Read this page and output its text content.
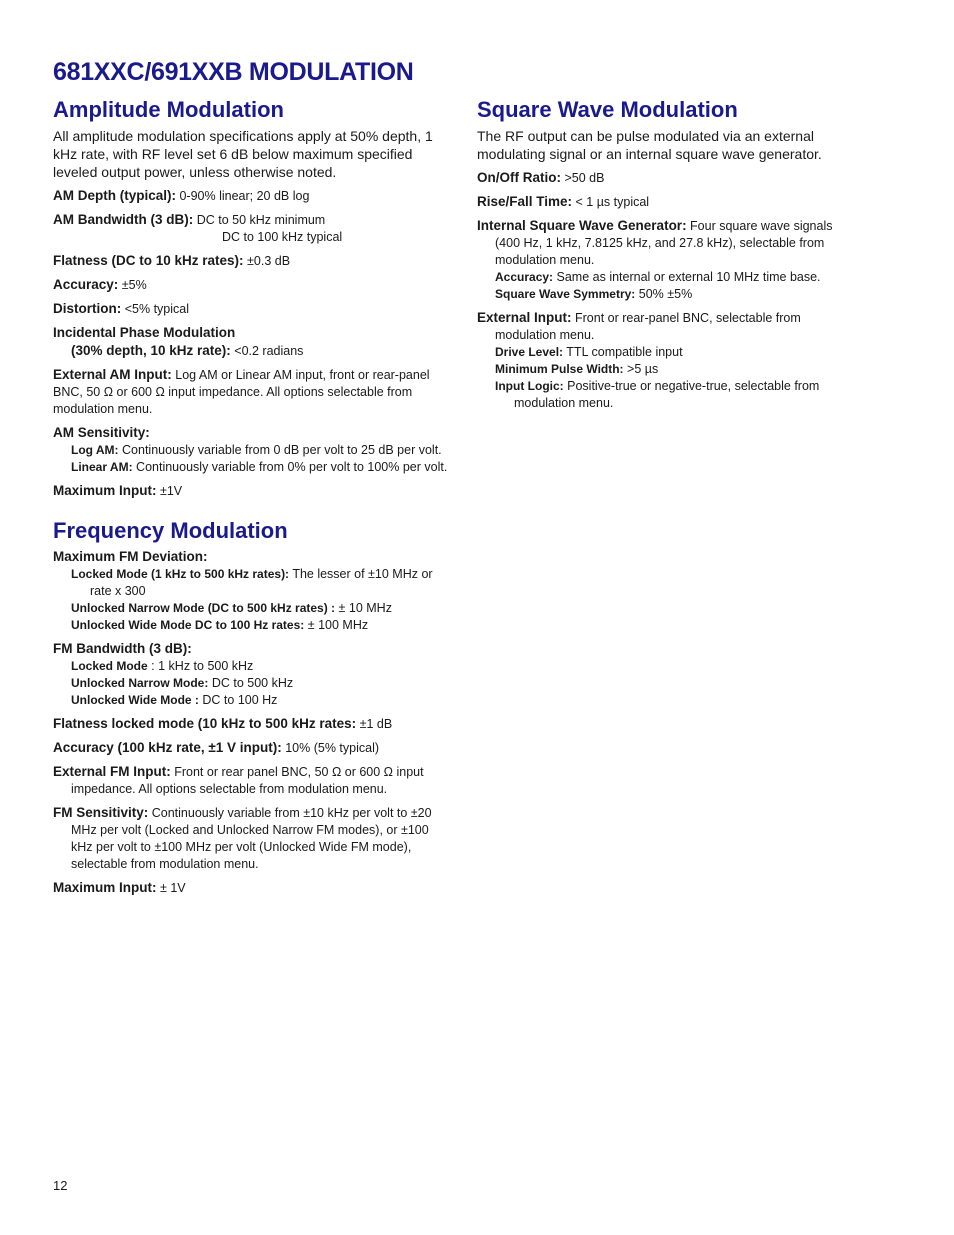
681XXC/691XXB MODULATION
Amplitude Modulation

All amplitude modulation specifications apply at 50% depth, 1 kHz rate, with RF level set 6 dB below maximum specified leveled output power, unless otherwise noted.

AM Depth (typical): 0-90% linear; 20 dB log

AM Bandwidth (3 dB): DC to 50 kHz minimum
DC to 100 kHz typical

Flatness (DC to 10 kHz rates): ±0.3 dB

Accuracy: ±5%

Distortion: <5% typical

Incidental Phase Modulation
(30% depth, 10 kHz rate): <0.2 radians

External AM Input: Log AM or Linear AM input, front or rear-panel BNC, 50 Ω or 600 Ω input impedance. All options selectable from modulation menu.

AM Sensitivity:

Log AM: Continuously variable from 0 dB per volt to 25 dB per volt.

Linear AM: Continuously variable from 0% per volt to 100% per volt.

Maximum Input: ±1V

Frequency Modulation

Maximum FM Deviation:

Locked Mode (1 kHz to 500 kHz rates): The lesser of ±10 MHz or rate x 300

Unlocked Narrow Mode (DC to 500 kHz rates) : ± 10 MHz

Unlocked Wide Mode DC to 100 Hz rates: ± 100 MHz

FM Bandwidth (3 dB):

Locked Mode : 1 kHz to 500 kHz

Unlocked Narrow Mode: DC to 500 kHz

Unlocked Wide Mode : DC to 100 Hz

Flatness locked mode (10 kHz to 500 kHz rates: ±1 dB

Accuracy (100 kHz rate, ±1 V input): 10% (5% typical)

External FM Input: Front or rear panel BNC, 50 Ω or 600 Ω input impedance. All options selectable from modulation menu.

FM Sensitivity: Continuously variable from ±10 kHz per volt to ±20 MHz per volt (Locked and Unlocked Narrow FM modes), or ±100 kHz per volt to ±100 MHz per volt (Unlocked Wide FM mode), selectable from modulation menu.

Maximum Input: ± 1V

Square Wave Modulation

The RF output can be pulse modulated via an external modulating signal or an internal square wave generator.

On/Off Ratio: >50 dB

Rise/Fall Time: < 1 µs typical

Internal Square Wave Generator: Four square wave signals (400 Hz, 1 kHz, 7.8125 kHz, and 27.8 kHz), selectable from modulation menu.

Accuracy: Same as internal or external 10 MHz time base.

Square Wave Symmetry: 50% ±5%

External Input: Front or rear-panel BNC, selectable from modulation menu.

Drive Level: TTL compatible input

Minimum Pulse Width: >5 µs

Input Logic: Positive-true or negative-true, selectable from modulation menu.

12
